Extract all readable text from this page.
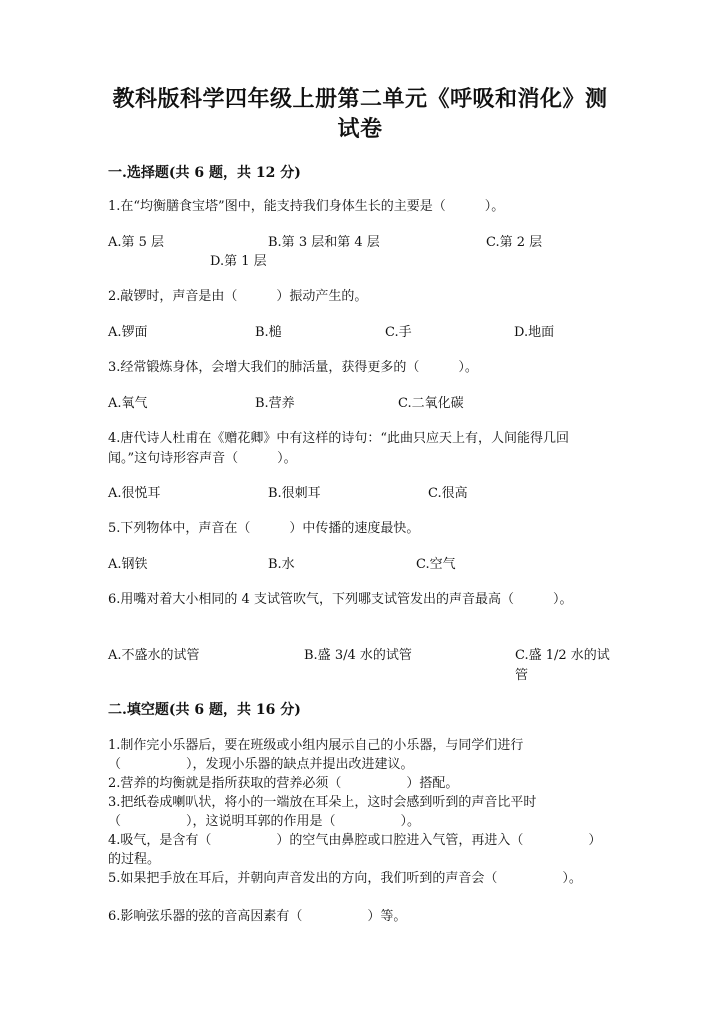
教科版科学四年级上册第二单元《呼吸和消化》测
试卷
一.选择题(共 6 题，共 12 分)
1.在“均衡膳食宝塔”图中，能支持我们身体生长的主要是（　　　）。
A.第 5 层	B.第 3 层和第 4 层	C.第 2 层
D.第 1 层
2.敲锣时，声音是由（　　　）振动产生的。
A.锣面	B.槌	C.手	D.地面
3.经常锻炼身体，会增大我们的肺活量，获得更多的（　　　）。
A.氧气	B.营养	C.二氧化碳
4.唐代诗人杜甫在《赠花卿》中有这样的诗句：“此曲只应天上有，人间能得几回闻。”这句诗形容声音（　　　）。
A.很悦耳	B.很刺耳	C.很高
5.下列物体中，声音在（　　　）中传播的速度最快。
A.钢铁	B.水	C.空气
6.用嘴对着大小相同的 4 支试管吹气，下列哪支试管发出的声音最高（　　　）。
A.不盛水的试管	B.盛 3/4 水的试管	C.盛 1/2 水的试管
二.填空题(共 6 题，共 16 分)
1.制作完小乐器后，要在班级或小组内展示自己的小乐器，与同学们进行（　　　　　），发现小乐器的缺点并提出改进建议。
2.营养的均衡就是指所获取的营养必须（　　　　　）搭配。
3.把纸卷成喇叭状，将小的一端放在耳朵上，这时会感到听到的声音比平时（　　　　　），这说明耳郭的作用是（　　　　　）。
4.吸气，是含有（　　　　　）的空气由鼻腔或口腔进入气管，再进入（　　　　　）的过程。
5.如果把手放在耳后，并朝向声音发出的方向，我们听到的声音会（　　　　　）。
6.影响弦乐器的弦的音高因素有（　　　　　）等。
